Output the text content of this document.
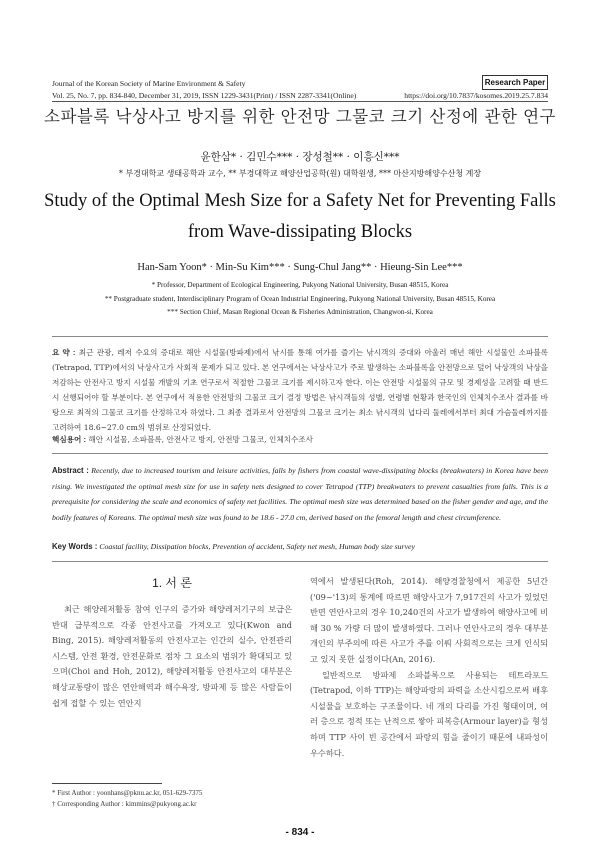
Journal of the Korean Society of Marine Environment & Safety	Research Paper
Vol. 25, No. 7, pp. 834-840, December 31, 2019, ISSN 1229-3431(Print) / ISSN 2287-3341(Online)	https://doi.org/10.7837/kosomes.2019.25.7.834
소파블록 낙상사고 방지를 위한 안전망 그물코 크기 산정에 관한 연구
윤한삼* · 김민수*** · 장성철** · 이흥신***
* 부경대학교 생태공학과 교수, ** 부경대학교 해양산업공학(원) 대학원생, *** 마산지방해양수산청 계장
Study of the Optimal Mesh Size for a Safety Net for Preventing Falls from Wave-dissipating Blocks
Han-Sam Yoon* · Min-Su Kim*** · Sung-Chul Jang** · Hieung-Sin Lee***
* Professor, Department of Ecological Engineering, Pukyong National University, Busan 48515, Korea
** Postgraduate student, Interdisciplinary Program of Ocean Industrial Engineering, Pukyong National University, Busan 48515, Korea
*** Section Chief, Masan Regional Ocean & Fisheries Administration, Changwon-si, Korea
요 약 : 최근 관광, 레저 수요의 증대로 해안 시설물(방파제)에서 낚시를 통해 여가를 즐기는 낚시객의 증대와 아울러 매년 해안 시설물인 소파블록(Tetrapod, TTP)에서의 낙상사고가 사회적 문제가 되고 있다. 본 연구에서는 낙상사고가 주로 발생하는 소파블록을 안전망으로 덮어 낙상객의 낙상을 저감하는 안전사고 방지 시설물 개발의 기초 연구로서 적절한 그물코 크기를 제시하고자 한다. 이는 안전망 시설물의 규모 및 경제성을 고려할 때 반드시 선행되어야 할 부분이다. 본 연구에서 적용한 안전망의 그물코 크기 결정 방법은 낚시객들의 성별, 연령별 현황과 한국인의 인체치수조사 결과를 바탕으로 최적의 그물코 크기를 산정하고자 하였다. 그 최종 결과로서 안전망의 그물코 크기는 최소 낚시객의 넙다리 둘레에서부터 최대 가슴둘레까지를 고려하여 18.6~27.0 cm의 범위로 산정되었다.
핵심용어 : 해안 시설물, 소파블록, 안전사고 방지, 안전망 그물코, 인체치수조사
Abstract : Recently, due to increased tourism and leisure activities, falls by fishers from coastal wave-dissipating blocks (breakwaters) in Korea have been rising. We investigated the optimal mesh size for use in safety nets designed to cover Tetrapod (TTP) breakwaters to prevent casualties from falls. This is a prerequisite for considering the scale and economics of safety net facilities. The optimal mesh size was determined based on the fisher gender and age, and the bodily features of Koreans. The optimal mesh size was found to be 18.6 - 27.0 cm, derived based on the femoral length and chest circumference.
Key Words : Coastal facility, Dissipation blocks, Prevention of accident, Safety net mesh, Human body size survey
1. 서 론
최근 해양레저활동 참여 인구의 증가와 해양레저기구의 보급은 반대 급부적으로 각종 안전사고를 가져오고 있다(Kwon and Bing, 2015). 해양레저활동의 안전사고는 인간의 실수, 안전관리시스템, 안전 환경, 안전문화로 점차 그 요소의 범위가 확대되고 있으며(Choi and Hoh, 2012), 해양레저활동 안전사고의 대부분은 해상교통량이 많은 연안해역과 해수욕장, 방파제 등 많은 사람들이 쉽게 접할 수 있는 연안지

역에서 발생된다(Roh, 2014). 해양경찰청에서 제공한 5년간('09~'13)의 통계에 따르면 해양사고가 7,917건의 사고가 있었던 반면 연안사고의 경우 10,240건의 사고가 발생하여 해양사고에 비해 30 % 가량 더 많이 발생하였다. 그러나 연안사고의 경우 대부분 개인의 부주의에 따른 사고가 주를 이뤄 사회적으로는 크게 인식되고 있지 못한 실정이다(An, 2016).

일반적으로 방파제 소파블록으로 사용되는 테트라포드(Tetrapod, 이하 TTP)는 해양파랑의 파력을 소산시킴으로써 배후 시설물을 보호하는 구조물이다. 네 개의 다리를 가진 형태이며, 여러 층으로 정적 또는 난적으로 쌓아 피복층(Armour layer)을 형성하며 TTP 사이 빈 공간에서 파랑의 힘을 줄이기 때문에 내파성이 우수하다.

* First Author : yoonhans@pknu.ac.kr, 051-629-7375
† Corresponding Author : kimmins@pukyong.ac.kr
- 834 -
